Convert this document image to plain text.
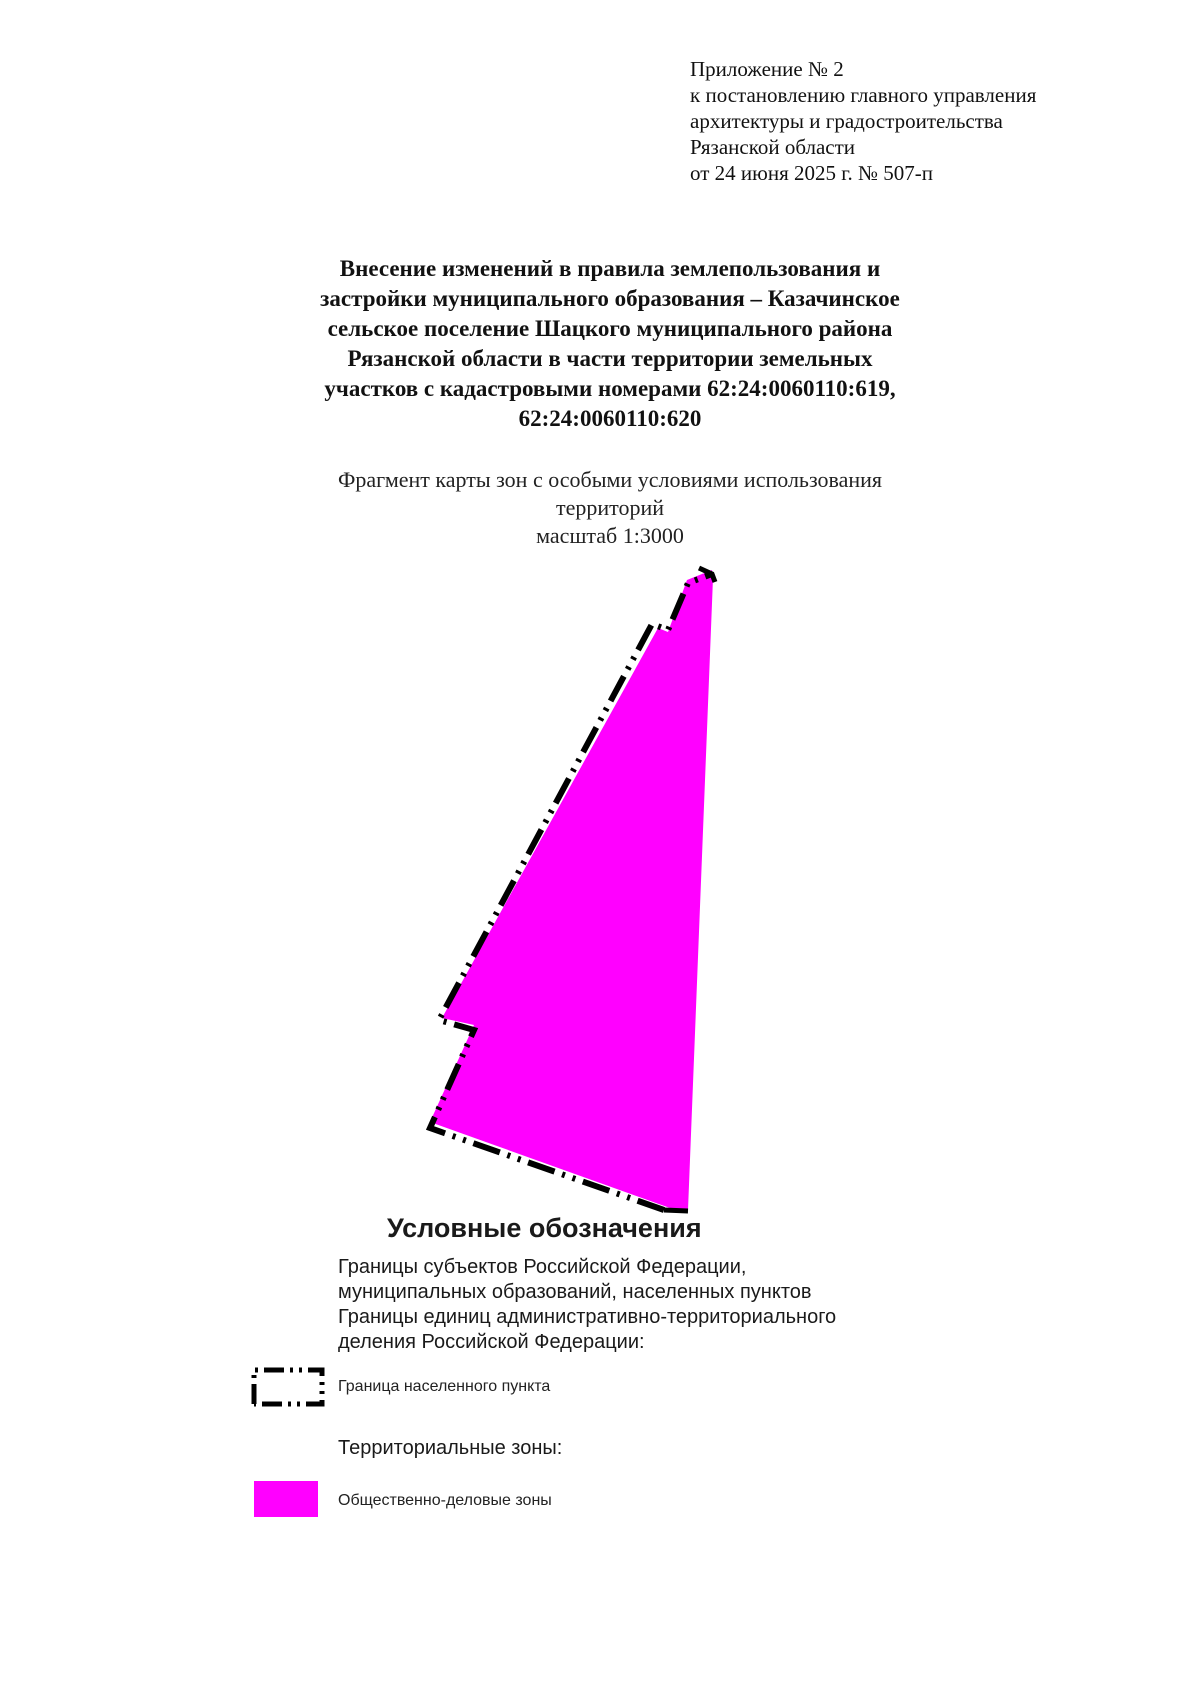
Приложение № 2
к постановлению главного управления
архитектуры и градостроительства
Рязанской области
от 24 июня 2025 г. № 507-п
Внесение изменений в правила землепользования и
застройки муниципального образования – Казачинское
сельское поселение Шацкого муниципального района
Рязанской области в части территории земельных
участков с кадастровыми номерами 62:24:0060110:619,
62:24:0060110:620
Фрагмент карты зон с особыми условиями использования
территорий
масштаб 1:3000
Условные обозначения
Границы субъектов Российской Федерации,
муниципальных образований, населенных пунктов
Границы единиц административно-территориального
деления Российской Федерации:
Граница населенного пункта
Территориальные зоны:
Общественно-деловые зоны
